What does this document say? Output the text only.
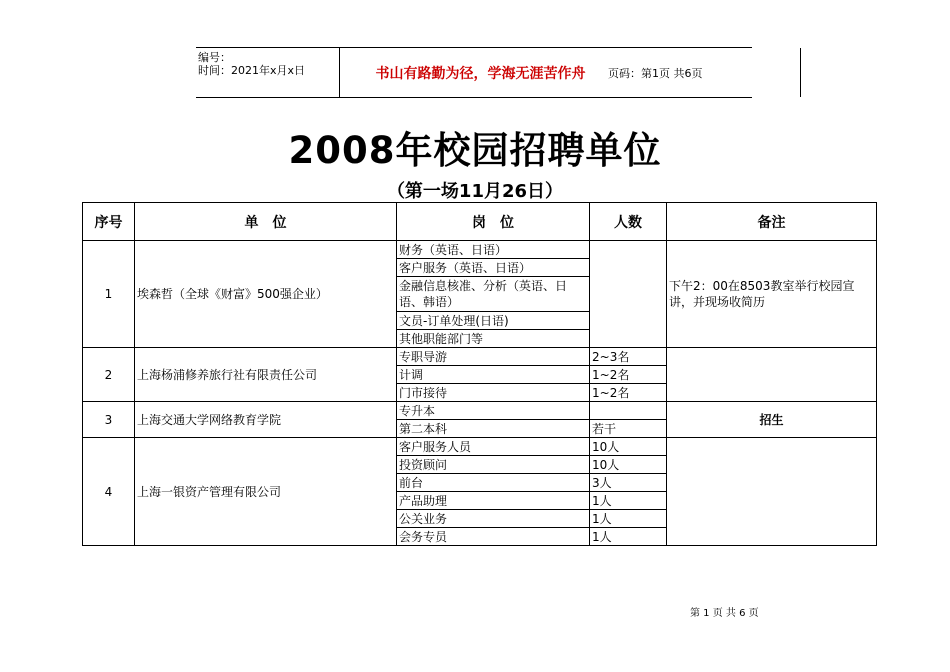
编号：
时间：2021年x月x日	书山有路勤为径，学海无涯苦作舟	页码：第1页 共6页
2008年校园招聘单位
（第一场11月26日）
序号	单　位	岗　位	人数	备注
1	埃森哲（全球《财富》500强企业）	财务（英语、日语）		下午2：00在8503教室举行校园宣讲，并现场收简历
		客户服务（英语、日语）		
		金融信息核准、分析（英语、日语、韩语）		
		文员-订单处理(日语)		
		其他职能部门等		
2	上海杨浦修养旅行社有限责任公司	专职导游	2~3名	
		计调	1~2名	
		门市接待	1~2名	
3	上海交通大学网络教育学院	专升本		招生
		第二本科	若干	
4	上海一银资产管理有限公司	客户服务人员	10人	
		投资顾问	10人	
		前台	3人	
		产品助理	1人	
		公关业务	1人	
		会务专员	1人	
第 1 页 共 6 页
